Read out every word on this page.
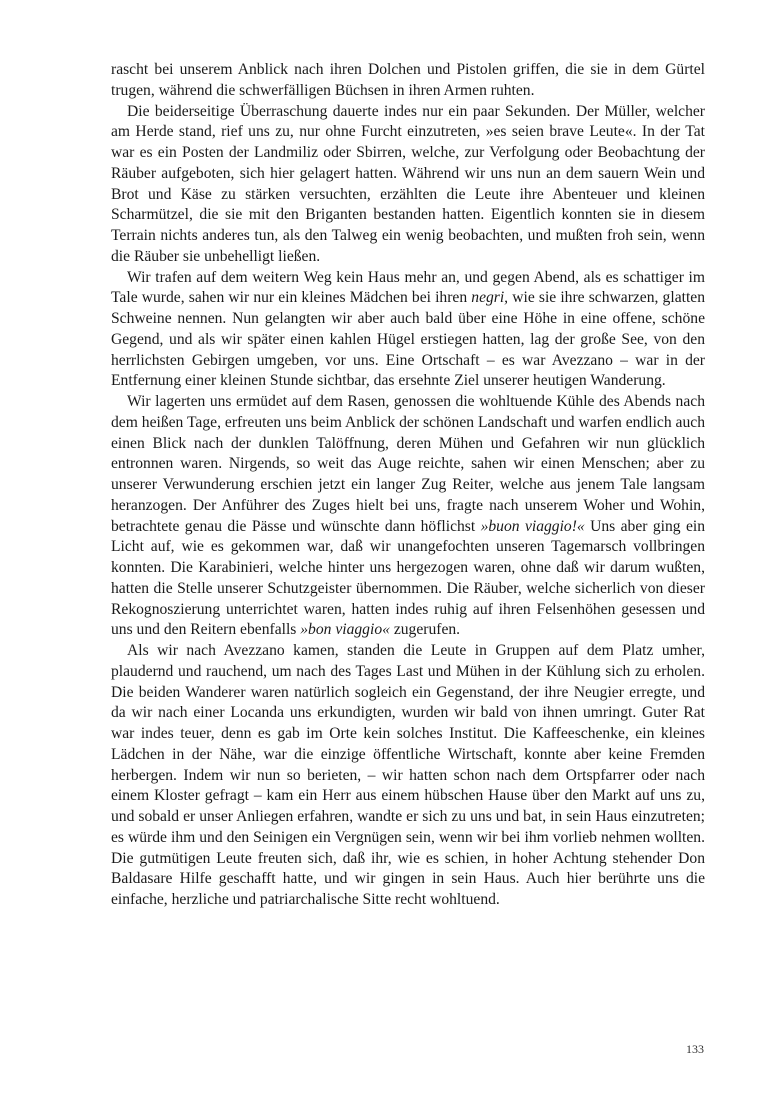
rascht bei unserem Anblick nach ihren Dolchen und Pistolen griffen, die sie in dem Gürtel trugen, während die schwerfälligen Büchsen in ihren Armen ruhten.

Die beiderseitige Überraschung dauerte indes nur ein paar Sekunden. Der Müller, welcher am Herde stand, rief uns zu, nur ohne Furcht einzutreten, »es seien brave Leute«. In der Tat war es ein Posten der Landmiliz oder Sbirren, welche, zur Verfolgung oder Beobachtung der Räuber aufgeboten, sich hier gelagert hatten. Während wir uns nun an dem sauern Wein und Brot und Käse zu stärken versuchten, erzählten die Leute ihre Abenteuer und kleinen Scharmützel, die sie mit den Briganten bestanden hatten. Eigentlich konnten sie in diesem Terrain nichts anderes tun, als den Talweg ein wenig beobachten, und mußten froh sein, wenn die Räuber sie unbehelligt ließen.

Wir trafen auf dem weitern Weg kein Haus mehr an, und gegen Abend, als es schattiger im Tale wurde, sahen wir nur ein kleines Mädchen bei ihren negri, wie sie ihre schwarzen, glatten Schweine nennen. Nun gelangten wir aber auch bald über eine Höhe in eine offene, schöne Gegend, und als wir später einen kahlen Hügel erstiegen hatten, lag der große See, von den herrlichsten Gebirgen umgeben, vor uns. Eine Ortschaft – es war Avezzano – war in der Entfernung einer kleinen Stunde sichtbar, das ersehnte Ziel unserer heutigen Wanderung.

Wir lagerten uns ermüdet auf dem Rasen, genossen die wohltuende Kühle des Abends nach dem heißen Tage, erfreuten uns beim Anblick der schönen Landschaft und warfen endlich auch einen Blick nach der dunklen Talöffnung, deren Mühen und Gefahren wir nun glücklich entronnen waren. Nirgends, so weit das Auge reichte, sahen wir einen Menschen; aber zu unserer Verwunderung erschien jetzt ein langer Zug Reiter, welche aus jenem Tale langsam heranzogen. Der Anführer des Zuges hielt bei uns, fragte nach unserem Woher und Wohin, betrachtete genau die Pässe und wünschte dann höflichst »buon viaggio!« Uns aber ging ein Licht auf, wie es gekommen war, daß wir unangefochten unseren Tagemarsch vollbringen konnten. Die Karabinieri, welche hinter uns hergezogen waren, ohne daß wir darum wußten, hatten die Stelle unserer Schutzgeister übernommen. Die Räuber, welche sicherlich von dieser Rekognoszierung unterrichtet waren, hatten indes ruhig auf ihren Felsenhöhen gesessen und uns und den Reitern ebenfalls »bon viaggio« zugerufen.

Als wir nach Avezzano kamen, standen die Leute in Gruppen auf dem Platz umher, plaudernd und rauchend, um nach des Tages Last und Mühen in der Kühlung sich zu erholen. Die beiden Wanderer waren natürlich sogleich ein Gegenstand, der ihre Neugier erregte, und da wir nach einer Locanda uns erkundigten, wurden wir bald von ihnen umringt. Guter Rat war indes teuer, denn es gab im Orte kein solches Institut. Die Kaffeeschenke, ein kleines Lädchen in der Nähe, war die einzige öffentliche Wirtschaft, konnte aber keine Fremden herbergen. Indem wir nun so berieten, – wir hatten schon nach dem Ortspfarrer oder nach einem Kloster gefragt – kam ein Herr aus einem hübschen Hause über den Markt auf uns zu, und sobald er unser Anliegen erfahren, wandte er sich zu uns und bat, in sein Haus einzutreten; es würde ihm und den Seinigen ein Vergnügen sein, wenn wir bei ihm vorlieb nehmen wollten. Die gutmütigen Leute freuten sich, daß ihr, wie es schien, in hoher Achtung stehender Don Baldasare Hilfe geschafft hatte, und wir gingen in sein Haus. Auch hier berührte uns die einfache, herzliche und patriarchalische Sitte recht wohltuend.

133
